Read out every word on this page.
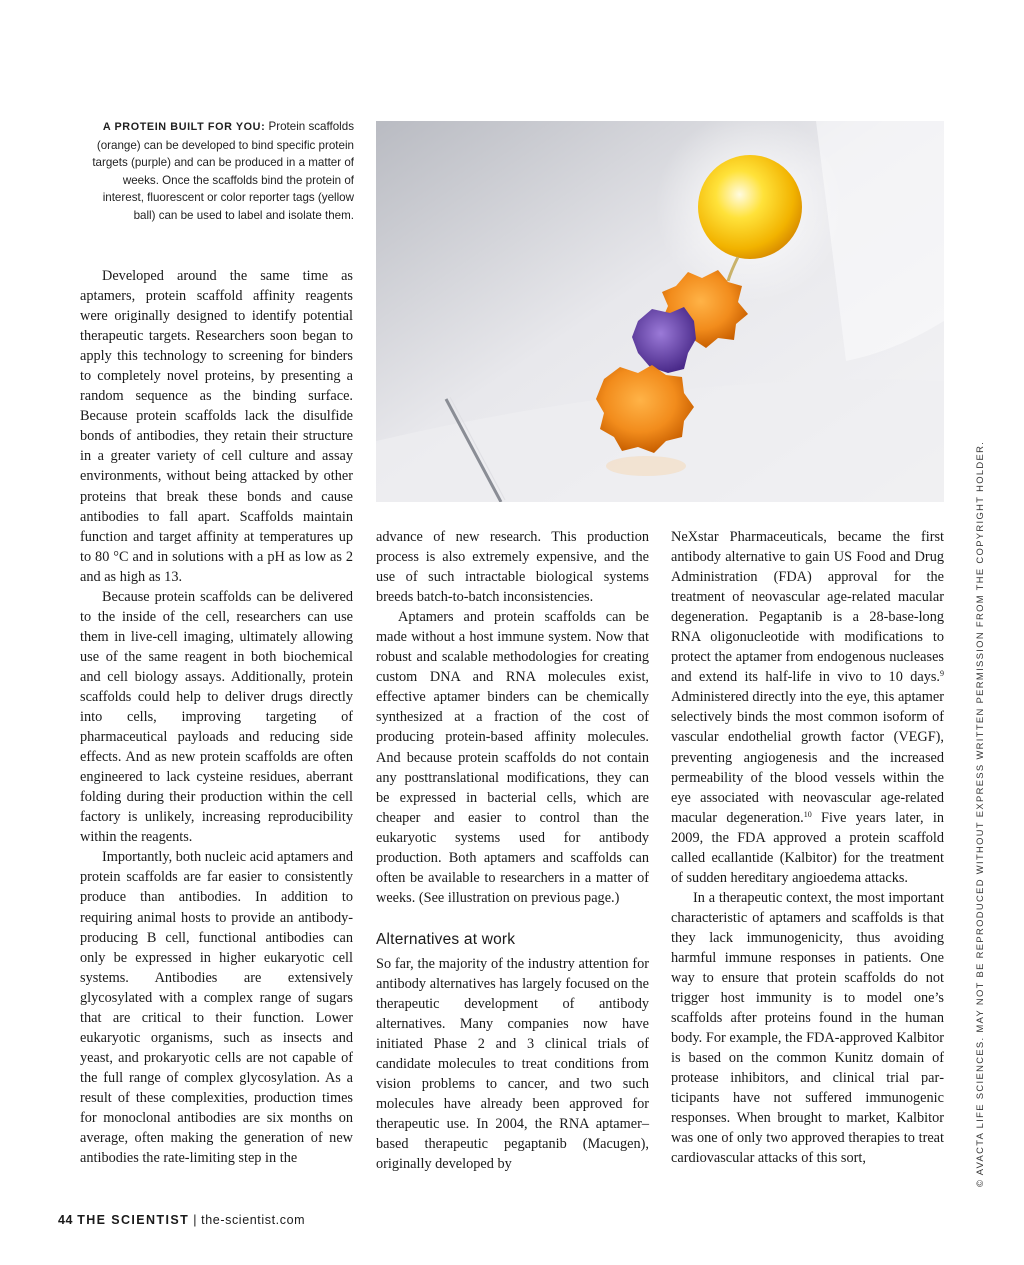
A PROTEIN BUILT FOR YOU: Protein scaffolds (orange) can be developed to bind specific protein targets (purple) and can be produced in a matter of weeks. Once the scaffolds bind the protein of interest, fluorescent or color reporter tags (yellow ball) can be used to label and isolate them.

Developed around the same time as aptamers, protein scaffold affinity reagents were originally designed to identify potential therapeutic targets. Researchers soon began to apply this technology to screening for binders to completely novel proteins, by presenting a random sequence as the binding surface. Because protein scaffolds lack the disulfide bonds of antibodies, they retain their structure in a greater variety of cell culture and assay environments, without being attacked by other proteins that break these bonds and cause antibodies to fall apart. Scaffolds maintain function and target affinity at temperatures up to 80 °C and in solutions with a pH as low as 2 and as high as 13.

Because protein scaffolds can be delivered to the inside of the cell, researchers can use them in live-cell imaging, ultimately allowing use of the same reagent in both biochemical and cell biology assays. Additionally, protein scaffolds could help to deliver drugs directly into cells, improving targeting of pharmaceutical payloads and reducing side effects. And as new protein scaffolds are often engineered to lack cysteine residues, aberrant folding during their production within the cell factory is unlikely, increasing reproducibility within the reagents.

Importantly, both nucleic acid aptamers and protein scaffolds are far easier to consistently produce than antibodies. In addition to requiring animal hosts to provide an antibody-producing B cell, functional antibodies can only be expressed in higher eukaryotic cell systems. Antibodies are extensively glycosylated with a complex range of sugars that are critical to their function. Lower eukaryotic organisms, such as insects and yeast, and prokaryotic cells are not capable of the full range of complex glycosylation. As a result of these complexities, production times for monoclonal antibodies are six months on average, often making the generation of new antibodies the rate-limiting step in the

advance of new research. This production process is also extremely expensive, and the use of such intractable biological systems breeds batch-to-batch inconsistencies.

Aptamers and protein scaffolds can be made without a host immune system. Now that robust and scalable methodologies for creating custom DNA and RNA molecules exist, effective aptamer binders can be chemically synthesized at a fraction of the cost of producing protein-based affinity molecules. And because protein scaffolds do not contain any posttranslational modifications, they can be expressed in bacterial cells, which are cheaper and easier to control than the eukaryotic systems used for antibody production. Both aptamers and scaffolds can often be available to researchers in a matter of weeks. (See illustration on previous page.)

Alternatives at work

So far, the majority of the industry attention for antibody alternatives has largely focused on the therapeutic development of antibody alternatives. Many companies now have initiated Phase 2 and 3 clinical trials of candidate molecules to treat conditions from vision problems to cancer, and two such molecules have already been approved for therapeutic use. In 2004, the RNA aptamer–based therapeutic pegaptanib (Macugen), originally developed by

NeXstar Pharmaceuticals, became the first antibody alternative to gain US Food and Drug Administration (FDA) approval for the treatment of neovascular age-related macular degeneration. Pegaptanib is a 28-base-long RNA oligonucleotide with modifications to protect the aptamer from endogenous nucleases and extend its half-life in vivo to 10 days.$^9$ Administered directly into the eye, this aptamer selectively binds the most common isoform of vascular endothelial growth factor (VEGF), preventing angiogenesis and the increased permeability of the blood vessels within the eye associated with neovascular age-related macular degeneration.$^{10}$ Five years later, in 2009, the FDA approved a protein scaffold called ecallantide (Kalbitor) for the treatment of sudden hereditary angioedema attacks.

In a therapeutic context, the most important characteristic of aptamers and scaffolds is that they lack immunogenicity, thus avoiding harmful immune responses in patients. One way to ensure that protein scaffolds do not trigger host immunity is to model one’s scaffolds after proteins found in the human body. For example, the FDA-approved Kalbitor is based on the common Kunitz domain of protease inhibitors, and clinical trial participants have not suffered immunogenic responses. When brought to market, Kalbitor was one of only two approved therapies to treat cardiovascular attacks of this sort,

44 THE SCIENTIST | the-scientist.com
© AVACTA LIFE SCIENCES. MAY NOT BE REPRODUCED WITHOUT EXPRESS WRITTEN PERMISSION FROM THE COPYRIGHT HOLDER.
